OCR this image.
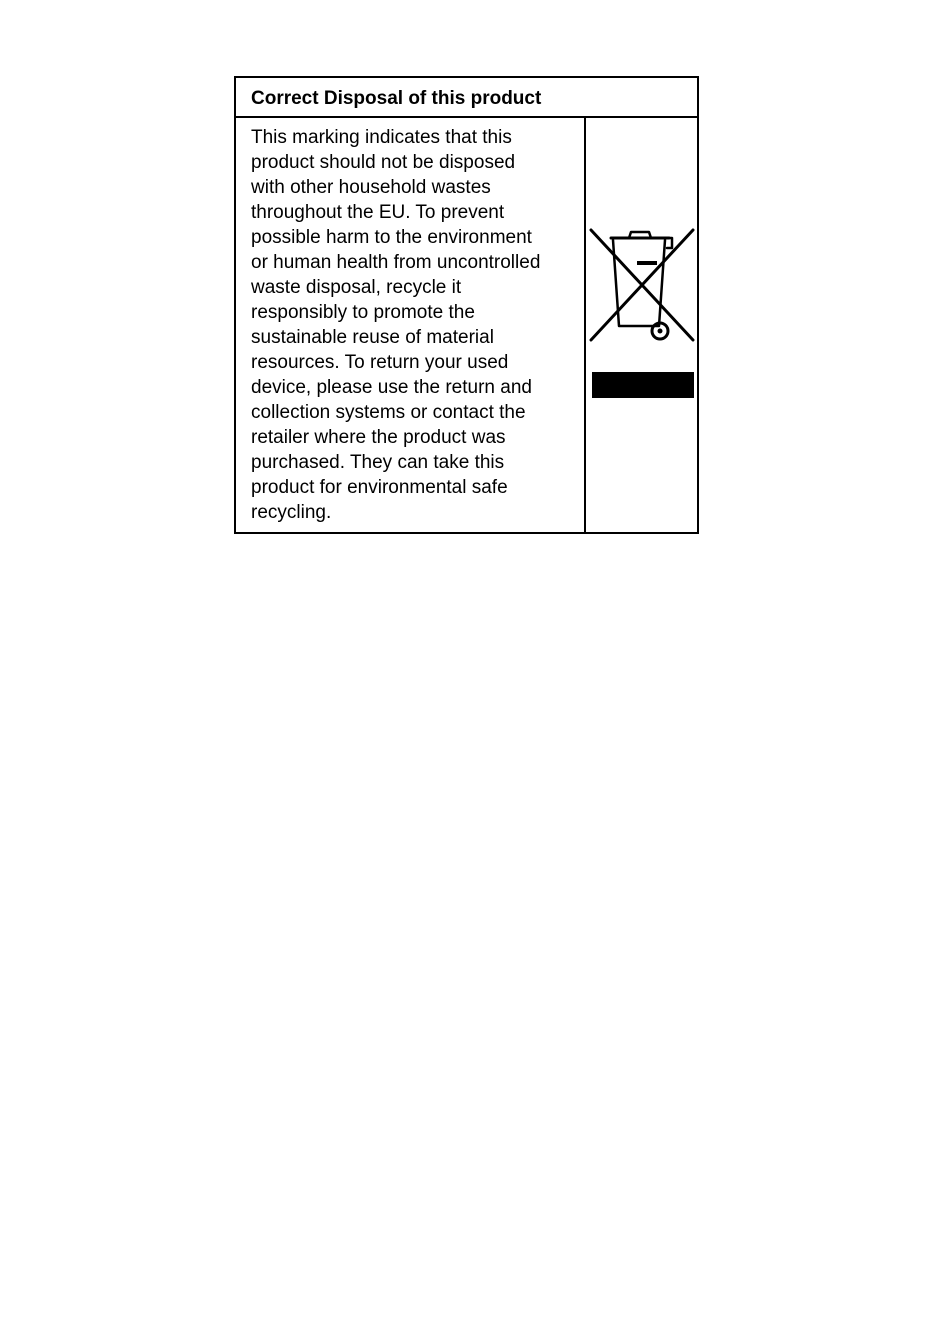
Correct Disposal of this product
This marking indicates that this
product should not be disposed
with other household wastes
throughout the EU. To prevent
possible harm to the environment
or human health from uncontrolled
waste disposal, recycle it
responsibly to promote the
sustainable reuse of material
resources. To return your used
device, please use the return and
collection systems or contact the
retailer where the product was
purchased. They can take this
product for environmental safe
recycling.
